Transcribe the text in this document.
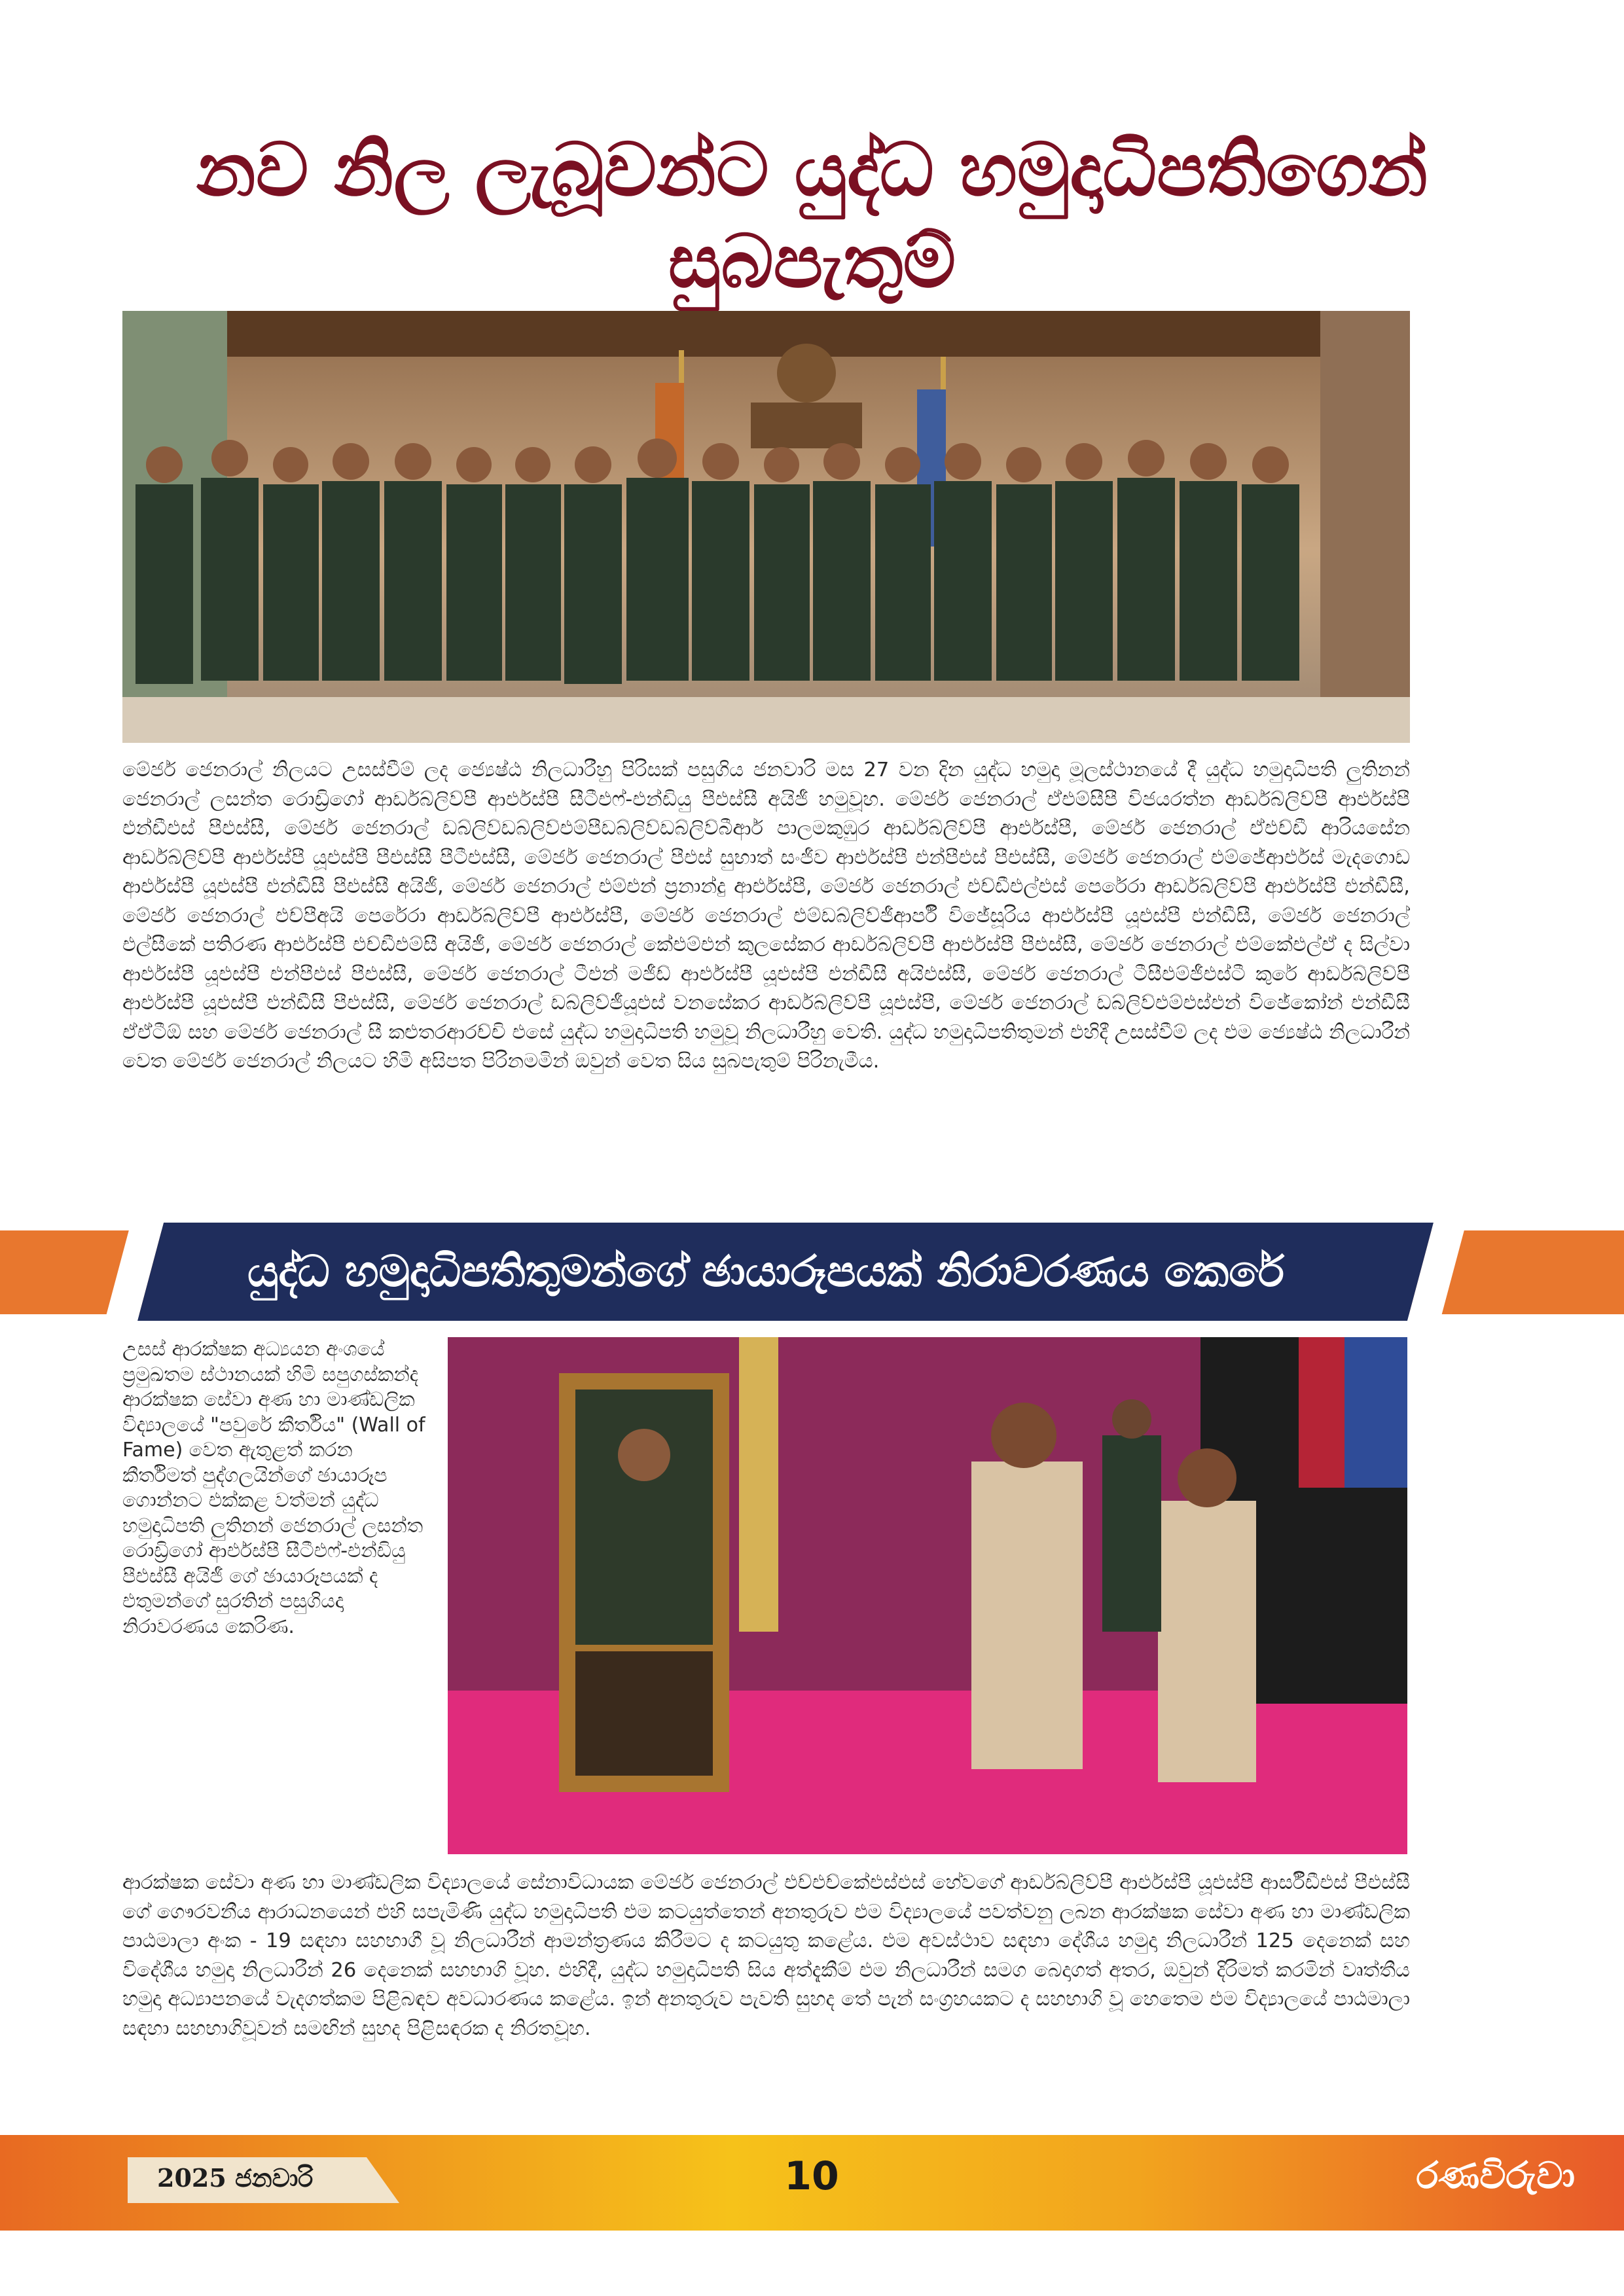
නව නිල ලැබූවන්ට යුද්ධ හමුදාධිපතිගෙන්
සුබපැතුම්

මේජර් ජෙනරාල් නිලයට උසස්වීම් ලද ජ්‍යෙෂ්ඨ නිලධාරීහු පිරිසක් පසුගිය ජනවාරි මස 27 වන දින යුද්ධ හමුදා මූලස්ථානයේ දී යුද්ධ හමුදාධිපති ලුතිනන් ජෙනරාල් ලසන්ත රොඩ්‍රිගෝ ආර්ඩබ්ලිව්පී ආර්එස්පී සීටීඑෆ්-එන්ඩියු පීඑස්සී අයිජී හමුවූහ. මේජර් ජෙනරාල් ඒඑම්සීපී විජයරත්න ආර්ඩබ්ලිව්පී ආර්එස්පී එන්ඩීඑස් පීඑස්සී, මේජර් ජෙනරාල් ඩබ්ලිව්ඩබ්ලිව්එම්පීඩබ්ලිව්ඩබ්ලිව්බීආර් පාලමකුඹුර ආර්ඩබ්ලිව්පී ආර්එස්පී, මේජර් ජෙනරාල් ඒඑච්ඩී ආරියසේන ආර්ඩබ්ලිව්පී ආර්එස්පී යූඑස්පී පීඑස්සී පීටීඑස්සී, මේජර් ජෙනරාල් පීඑස් සුභාත් සංජීව ආර්එස්පී එන්පීඑස් පීඑස්සී, මේජර් ජෙනරාල් එම්ජේආර්එස් මැදගොඩ ආර්එස්පී යූඑස්පී එන්ඩීසී පීඑස්සී අයිජී, මේජර් ජෙනරාල් එම්එන් ප්‍රනාන්දු ආර්එස්පී, මේජර් ජෙනරාල් එච්ඩීඑල්එස් පෙරේරා ආර්ඩබ්ලිව්පී ආර්එස්පී එන්ඩීසී, මේජර් ජෙනරාල් එච්පීඅයි පෙරේරා ආර්ඩබ්ලිව්පී ආර්එස්පී, මේජර් ජෙනරාල් එම්ඩබ්ලිව්ජීආර්පී විජේසූරිය ආර්එස්පී යූඑස්පී එන්ඩීසී, මේජර් ජෙනරාල් එල්සීකේ පතිරණ ආර්එස්පී එච්ඩීඑම්සී අයිජී, මේජර් ජෙනරාල් කේඑම්එන් කුලසේකර ආර්ඩබ්ලිව්පී ආර්එස්පී පීඑස්සී, මේජර් ජෙනරාල් එම්කේඑල්ඒ ද සිල්වා ආර්එස්පී යූඑස්පී එන්පීඑස් පීඑස්සී, මේජර් ජෙනරාල් ටීඑන් මජීඩ් ආර්එස්පී යූඑස්පී එන්ඩීසී අයිඑස්සී, මේජර් ජෙනරාල් ටීසීඑම්ජීඑස්ටී කුරේ ආර්ඩබ්ලිව්පී ආර්එස්පී යූඑස්පී එන්ඩීසී පීඑස්සී, මේජර් ජෙනරාල් ඩබ්ලිව්ජීයූඑස් වනසේකර ආර්ඩබ්ලිව්පී යූඑස්පී, මේජර් ජෙනරාල් ඩබ්ලිව්එම්එස්එන් විජේකෝන් එන්ඩීසී ඒඒටීඕ සහ මේජර් ජෙනරාල් සී කළුතරආරච්චි එසේ යුද්ධ හමුදාධිපති හමුවූ නිලධාරීහු වෙති. යුද්ධ හමුදාධිපතිතුමන් එහිදී උසස්වීම් ලද එම ජ්‍යෙෂ්ඨ නිලධාරීන් වෙත මේජර් ජෙනරාල් නිලයට හිමි අසිපත පිරිනමමින් ඔවුන් වෙත සිය සුබපැතුම් පිරිනැමීය.

යුද්ධ හමුදාධිපතිතුමන්ගේ ඡායාරූපයක් නිරාවරණය කෙරේ

උසස් ආරක්ෂක අධ්‍යයන අංශයේ ප්‍රමුඛතම ස්ථානයක් හිමි සපුගස්කන්ද ආරක්ෂක සේවා අණ හා මාණ්ඩලික විද්‍යාලයේ "පවුරේ කීර්තිය" (Wall of Fame) වෙත ඇතුළත් කරන කීර්තිමත් පුද්ගලයින්ගේ ඡායාරූප ගොන්නට එක්කළ වත්මන් යුද්ධ හමුදාධිපති ලුතිනන් ජෙනරාල් ලසන්ත රොඩ්‍රිගෝ ආර්එස්පී සීටීඑෆ්-එන්ඩියු පීඑස්සී අයිජී ගේ ඡායාරූපයක් ද එතුමන්ගේ සුරතින් පසුගියදා නිරාවරණය කෙරිණ.

ආරක්ෂක සේවා අණ හා මාණ්ඩලික විද්‍යාලයේ සේනාවිධායක මේජර් ජෙනරාල් එච්එච්කේඑස්එස් හේවගේ ආර්ඩබ්ලිව්පී ආර්එස්පී යූඑස්පී ආර්සීඩීඑස් පීඑස්සී ගේ ගෞරවනීය ආරාධනයෙන් එහි සපැමිණි යුද්ධ හමුදාධිපති එම කටයුත්තෙන් අනතුරුව එම විද්‍යාලයේ පවත්වනු ලබන ආරක්ෂක සේවා අණ හා මාණ්ඩලික පාඨමාලා අංක - 19 සඳහා සහභාගී වූ නිලධාරීන් ආමන්ත්‍රණය කිරීමට ද කටයුතු කළේය. එම අවස්ථාව සඳහා දේශීය හමුදා නිලධාරීන් 125 දෙනෙක් සහ විදේශීය හමුදා නිලධාරීන් 26 දෙනෙක් සහභාගි වූහ. එහිදී, යුද්ධ හමුදාධිපති සිය අත්දැකීම් එම නිලධාරීන් සමග බෙදාගත් අතර, ඔවුන් දිරිමත් කරමින් වෘත්තීය හමුදා අධ්‍යාපනයේ වැදගත්කම පිළිබඳව අවධාරණය කළේය. ඉන් අනතුරුව පැවති සුහද තේ පැන් සංග්‍රහයකට ද සහභාගි වූ හෙතෙම එම විද්‍යාලයේ පාඨමාලා සඳහා සහභාගිවූවන් සමඟින් සුහද පිළිසඳරක ද නිරතවූහ.

2025 ජනවාරි	10	රණවිරුවා
